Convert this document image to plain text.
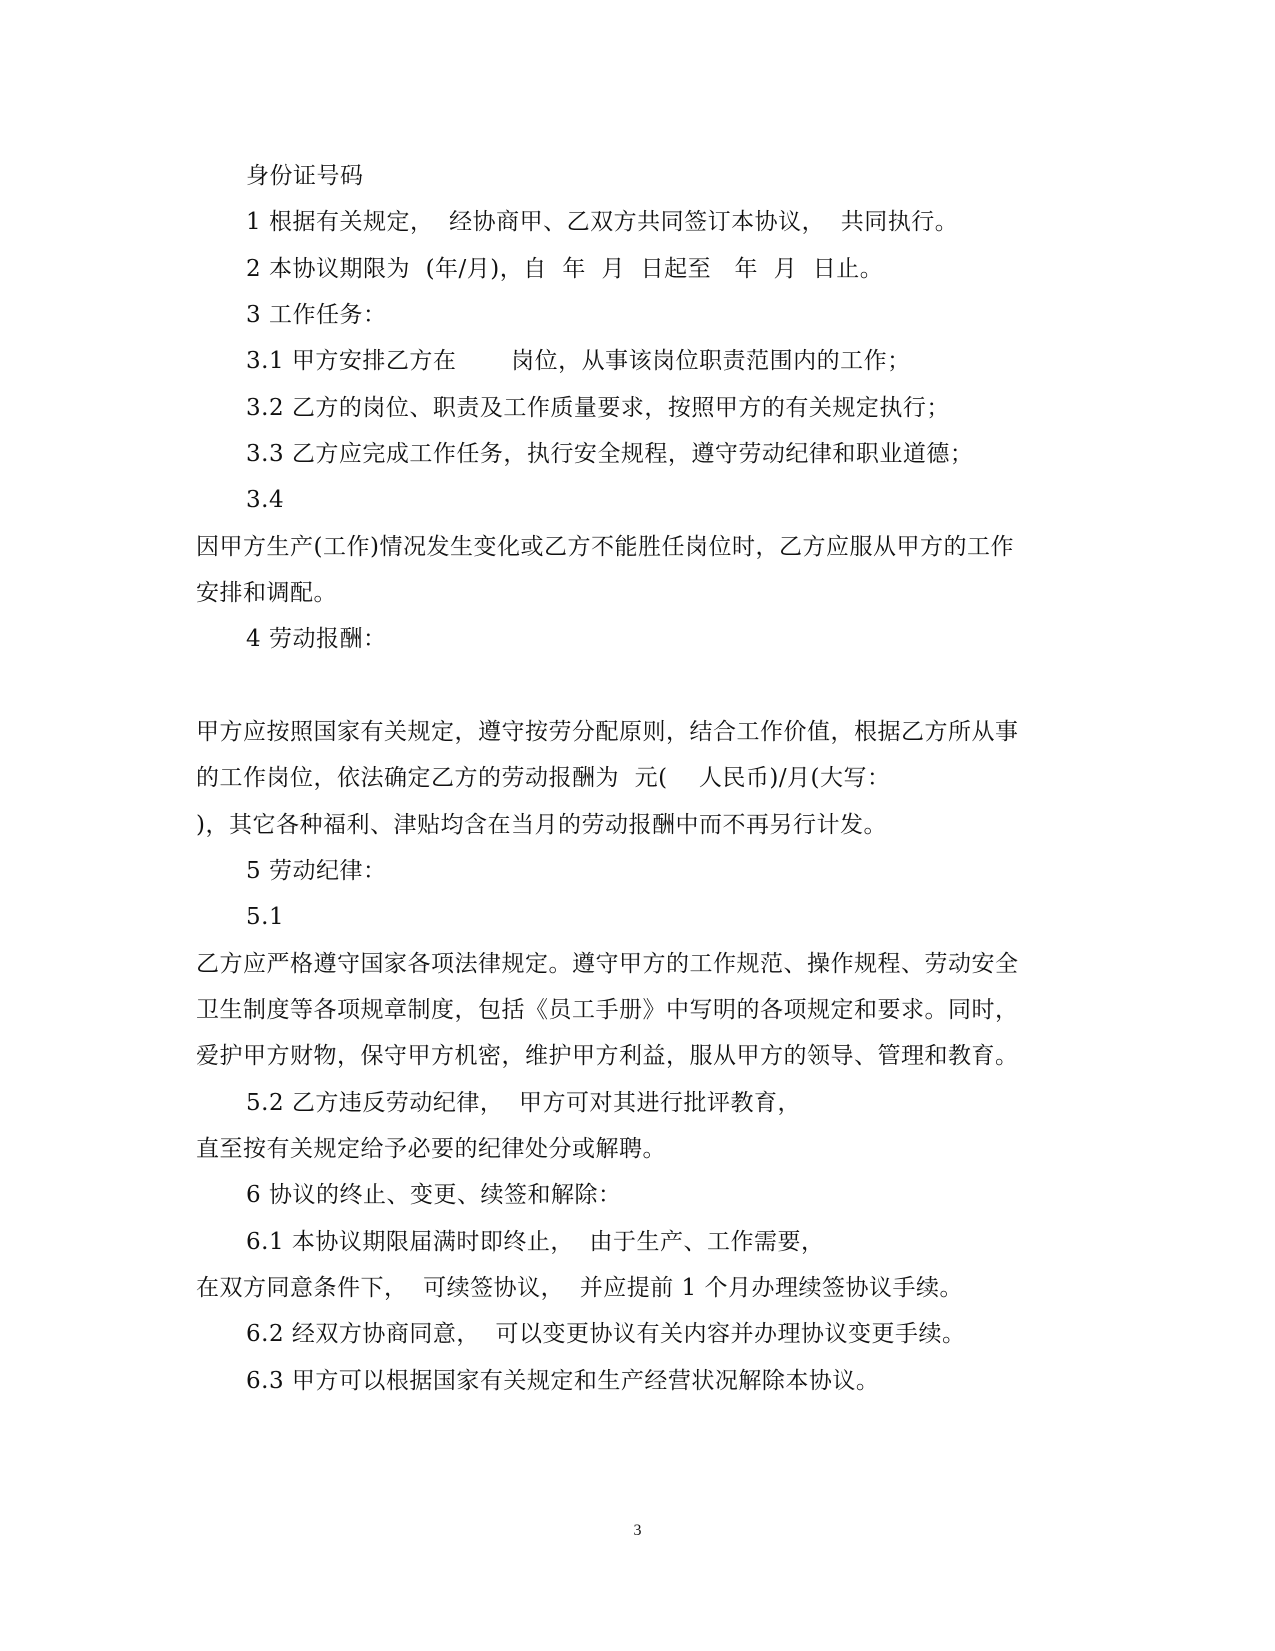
身份证号码
1 根据有关规定，  经协商甲、乙双方共同签订本协议，  共同执行。
2 本协议期限为  (年/月)，自  年  月  日起至   年  月  日止。
3 工作任务：
3.1 甲方安排乙方在       岗位，从事该岗位职责范围内的工作；
3.2 乙方的岗位、职责及工作质量要求，按照甲方的有关规定执行；
3.3 乙方应完成工作任务，执行安全规程，遵守劳动纪律和职业道德；
3.4
因甲方生产(工作)情况发生变化或乙方不能胜任岗位时，乙方应服从甲方的工作
安排和调配。
4 劳动报酬：
甲方应按照国家有关规定，遵守按劳分配原则，结合工作价值，根据乙方所从事
的工作岗位，依法确定乙方的劳动报酬为  元(    人民币)/月(大写：
)，其它各种福利、津贴均含在当月的劳动报酬中而不再另行计发。
5 劳动纪律：
5.1
乙方应严格遵守国家各项法律规定。遵守甲方的工作规范、操作规程、劳动安全
卫生制度等各项规章制度，包括《员工手册》中写明的各项规定和要求。同时，
爱护甲方财物，保守甲方机密，维护甲方利益，服从甲方的领导、管理和教育。
5.2 乙方违反劳动纪律，  甲方可对其进行批评教育，
直至按有关规定给予必要的纪律处分或解聘。
6 协议的终止、变更、续签和解除：
6.1 本协议期限届满时即终止，  由于生产、工作需要，
在双方同意条件下，  可续签协议，  并应提前 1 个月办理续签协议手续。
6.2 经双方协商同意，  可以变更协议有关内容并办理协议变更手续。
6.3 甲方可以根据国家有关规定和生产经营状况解除本协议。
3
